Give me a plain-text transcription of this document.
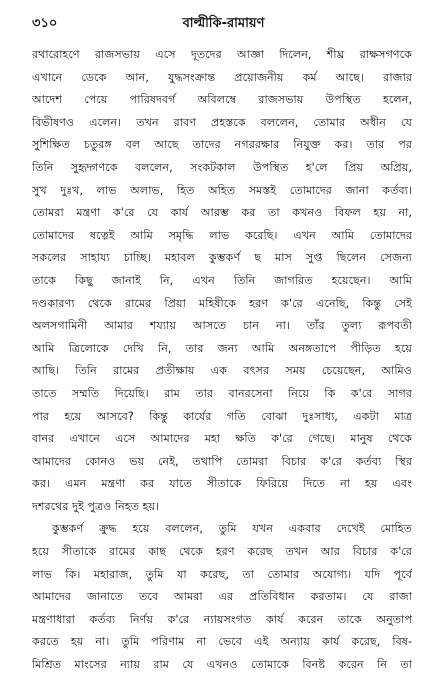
৩১০	বাল্মীকি-রামায়ণ
রথারোহণে রাজসভায় এসে দূতদের আজ্ঞা দিলেন, শীঘ্র রাক্ষসগণকে
এখানে ডেকে আন, যুদ্ধসংক্রান্ত প্রয়োজনীয় কর্ম আছে। রাজার
আদেশ পেয়ে পারিষদবর্গ অবিলম্বে রাজসভায় উপস্থিত হলেন,
বিভীষণও এলেন। তখন রাবণ প্রহস্তকে বললেন, তোমার অধীন যে
সুশিক্ষিত চতুরঙ্গ বল আছে তাদের নগররক্ষার নিযুক্ত কর। তার পর
তিনি সুহৃদ্গণকে বললেন, সংকটকাল উপস্থিত হ'লে প্রিয় অপ্রিয়,
সুখ দুঃখ, লাভ অলাভ, হিত অহিত সমস্তই তোমাদের জানা কর্তব্য।
তোমরা মন্ত্রণা ক'রে যে কার্য আরম্ভ কর তা কখনও বিফল হয় না,
তোমাদের ষত্নেই আমি সমৃদ্ধি লাভ করেছি। এখন আমি তোমাদের
সকলের সাহায্য চাচ্ছি। মহাবল কুম্ভকর্ণ ছ মাস সুপ্ত ছিলেন সেজন্য
তাকে কিছু জানাই নি, এখন তিনি জাগরিত হয়েছেন। আমি
দণ্ডকারণ্য থেকে রামের প্রিয়া মহিষীকে হরণ ক'রে এনেছি, কিন্তু সেই
অলসগামিনী আমার শয্যায় আসতে চান না। তাঁর তুল্য রূপবতী
আমি ত্রিলোকে দেখি নি, তার জন্য আমি অনঙ্গতাপে পীড়িত হয়ে
আছি। তিনি রামের প্রতীক্ষায় এক বৎসর সময় চেয়েছেন, আমিও
তাতে সম্মতি দিয়েছি। রাম তার বানরসেনা নিয়ে কি ক'রে সাগর
পার হয়ে আসবে? কিন্তু কার্যের গতি বোঝা দুঃসাধ্য, একটা মাত্র
বানর এখানে এসে আমাদের মহা ক্ষতি ক'রে গেছে। মানুষ থেকে
আমাদের কোনও ভয় নেই, তথাপি তোমরা বিচার ক'রে কর্তব্য স্থির
কর। এমন মন্ত্রণা কর যাতে সীতাকে ফিরিয়ে দিতে না হয় এবং
দশরথের দুই পুত্রও নিহত হয়।
কুম্ভকর্ণ ক্রুদ্ধ হয়ে বললেন, তুমি যখন একবার দেখেই মোহিত
হয়ে সীতাকে রামের কাছ থেকে হরণ করেছ তখন আর বিচার ক'রে
লাভ কি। মহারাজ, তুমি যা করেছ, তা তোমার অযোগ্য। যদি পূর্বে
আমাদের জানাতে তবে আমরা এর প্রতিবিধান করতাম। যে রাজা
মন্ত্রণাধারা কর্তব্য নির্ণয় ক'রে ন্যায়সংগত কার্য করেন তাকে অনুতাপ
করতে হয় না। তুমি পরিণাম না ভেবে এই অন্যায় কার্য করেছ, বিষ-
মিশ্রিত মাংসের ন্যায় রাম যে এখনও তোমাকে বিনষ্ট করেন নি তা
